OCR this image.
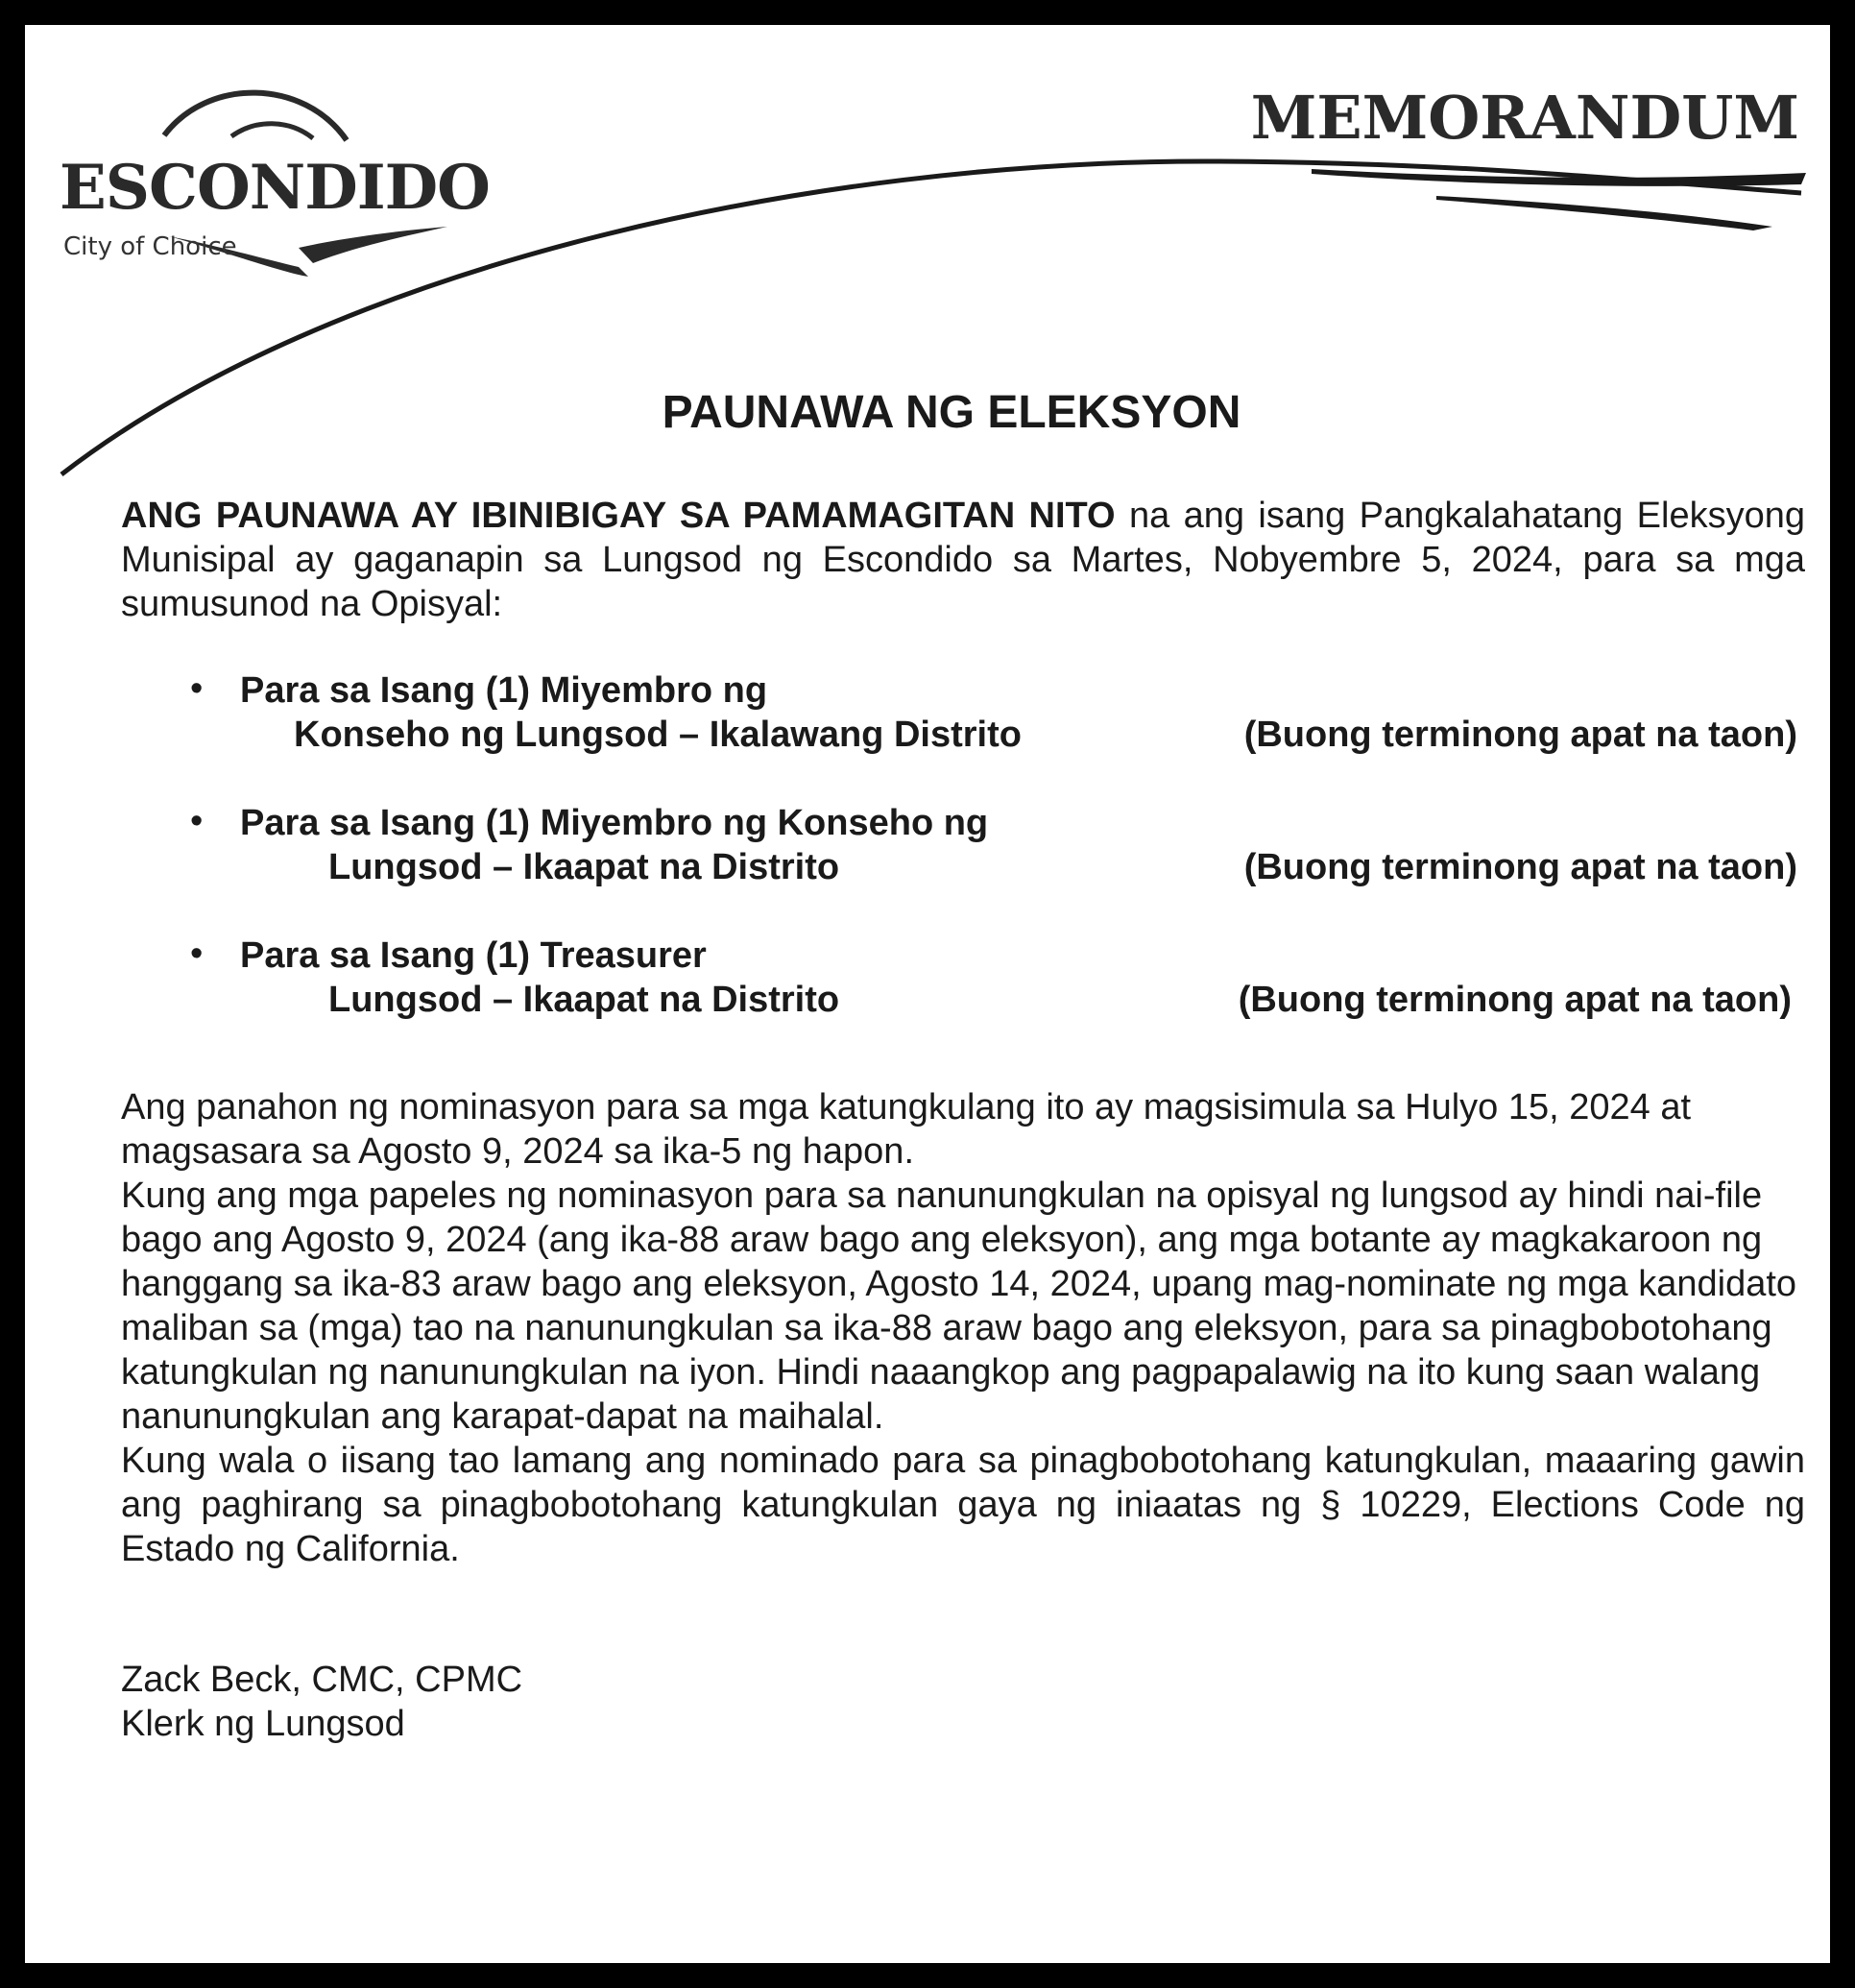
ESCONDIDO
City of Choice
MEMORANDUM
PAUNAWA NG ELEKSYON

ANG PAUNAWA AY IBINIBIGAY SA PAMAMAGITAN NITO na ang isang Pangkalahatang Eleksyong Munisipal ay gaganapin sa Lungsod ng Escondido sa Martes, Nobyembre 5, 2024, para sa mga sumusunod na Opisyal:

• Para sa Isang (1) Miyembro ng
Konseho ng Lungsod – Ikalawang Distrito	(Buong terminong apat na taon)
• Para sa Isang (1) Miyembro ng Konseho ng
Lungsod – Ikaapat na Distrito	(Buong terminong apat na taon)
• Para sa Isang (1) Treasurer
Lungsod – Ikaapat na Distrito	(Buong terminong apat na taon)

Ang panahon ng nominasyon para sa mga katungkulang ito ay magsisimula sa Hulyo 15, 2024 at magsasara sa Agosto 9, 2024 sa ika-5 ng hapon.

Kung ang mga papeles ng nominasyon para sa nanunungkulan na opisyal ng lungsod ay hindi nai-file bago ang Agosto 9, 2024 (ang ika-88 araw bago ang eleksyon), ang mga botante ay magkakaroon ng hanggang sa ika-83 araw bago ang eleksyon, Agosto 14, 2024, upang mag-nominate ng mga kandidato maliban sa (mga) tao na nanunungkulan sa ika-88 araw bago ang eleksyon, para sa pinagbobotohang katungkulan ng nanunungkulan na iyon. Hindi naaangkop ang pagpapalawig na ito kung saan walang nanunungkulan ang karapat-dapat na maihalal.

Kung wala o iisang tao lamang ang nominado para sa pinagbobotohang katungkulan, maaaring gawin ang paghirang sa pinagbobotohang katungkulan gaya ng iniaatas ng § 10229, Elections Code ng Estado ng California.

Zack Beck, CMC, CPMC
Klerk ng Lungsod
